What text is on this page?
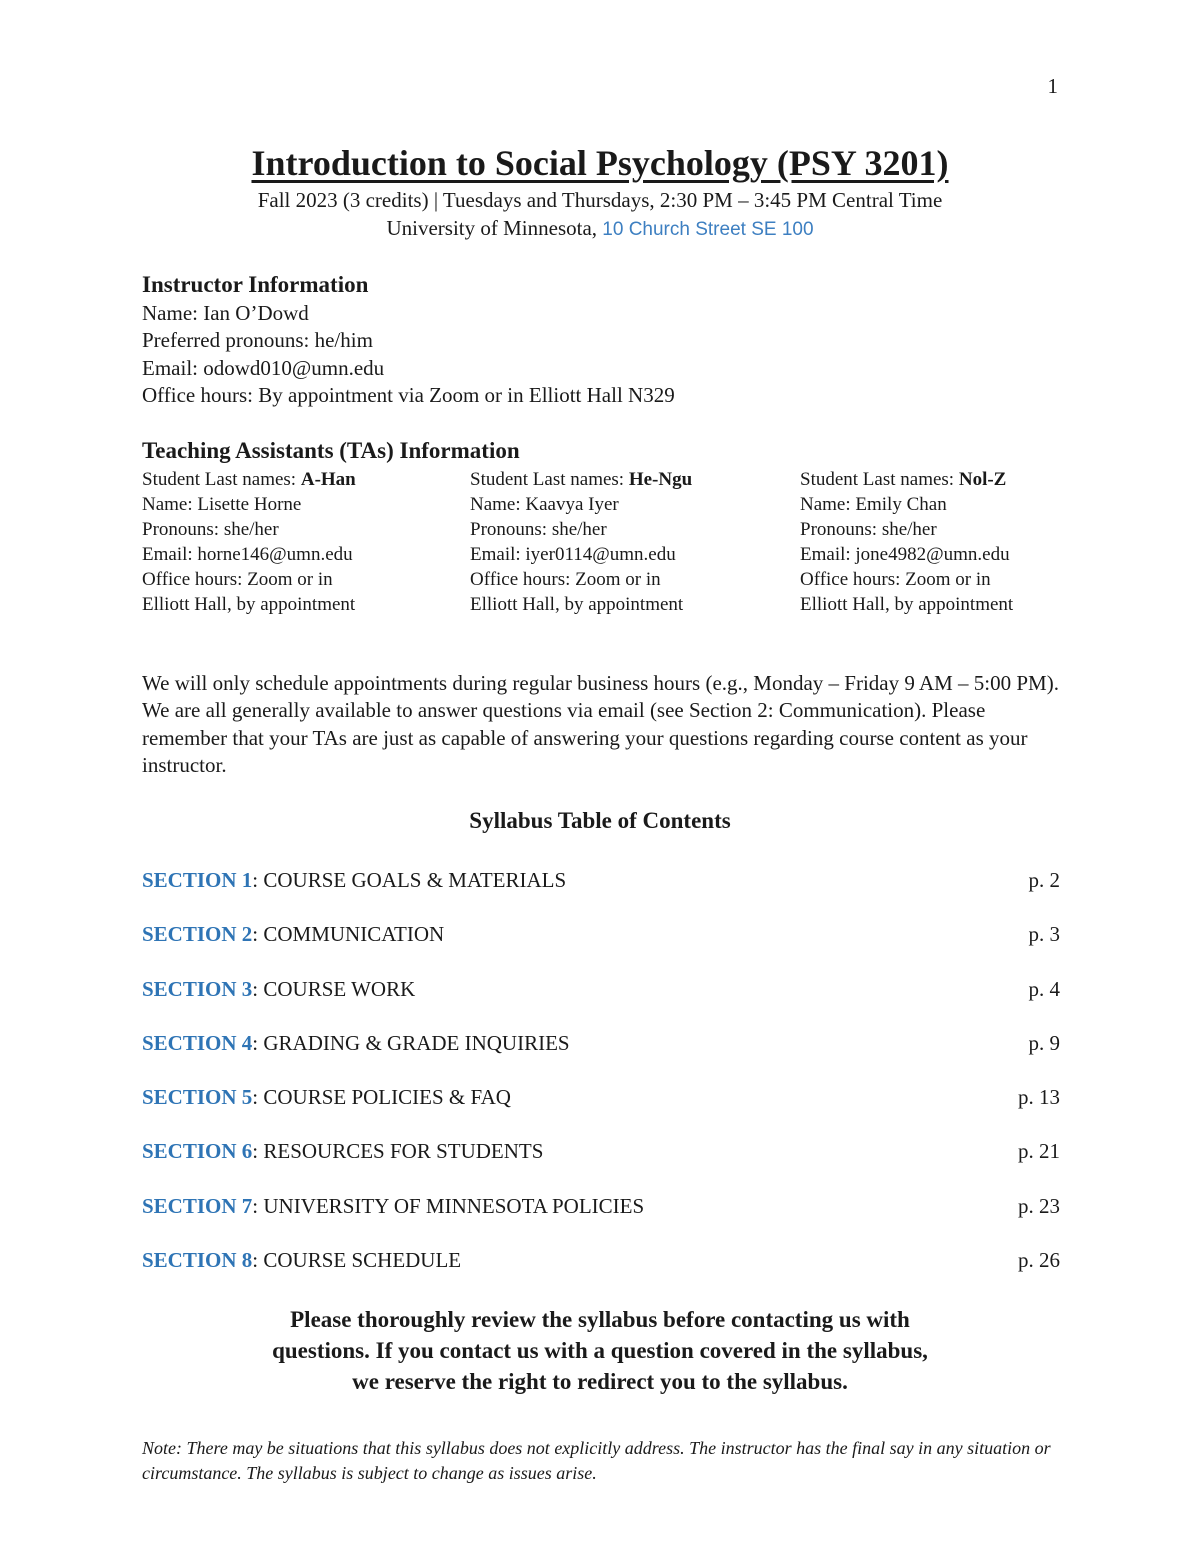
1
Introduction to Social Psychology (PSY 3201)
Fall 2023 (3 credits) | Tuesdays and Thursdays, 2:30 PM – 3:45 PM Central Time
University of Minnesota, 10 Church Street SE 100
Instructor Information
Name: Ian O’Dowd
Preferred pronouns: he/him
Email: odowd010@umn.edu
Office hours: By appointment via Zoom or in Elliott Hall N329
Teaching Assistants (TAs) Information
Student Last names: A-Han
Name: Lisette Horne
Pronouns: she/her
Email: horne146@umn.edu
Office hours: Zoom or in
Elliott Hall, by appointment
Student Last names: He-Ngu
Name: Kaavya Iyer
Pronouns: she/her
Email: iyer0114@umn.edu
Office hours: Zoom or in
Elliott Hall, by appointment
Student Last names: Nol-Z
Name: Emily Chan
Pronouns: she/her
Email: jone4982@umn.edu
Office hours: Zoom or in
Elliott Hall, by appointment
We will only schedule appointments during regular business hours (e.g., Monday – Friday 9 AM – 5:00 PM). We are all generally available to answer questions via email (see Section 2: Communication). Please remember that your TAs are just as capable of answering your questions regarding course content as your instructor.
Syllabus Table of Contents
SECTION 1: COURSE GOALS & MATERIALS	p. 2
SECTION 2: COMMUNICATION	p. 3
SECTION 3: COURSE WORK	p. 4
SECTION 4: GRADING & GRADE INQUIRIES	p. 9
SECTION 5: COURSE POLICIES & FAQ	p. 13
SECTION 6: RESOURCES FOR STUDENTS	p. 21
SECTION 7: UNIVERSITY OF MINNESOTA POLICIES	p. 23
SECTION 8: COURSE SCHEDULE	p. 26
Please thoroughly review the syllabus before contacting us with
questions. If you contact us with a question covered in the syllabus,
we reserve the right to redirect you to the syllabus.
Note: There may be situations that this syllabus does not explicitly address. The instructor has the final say in any situation or circumstance. The syllabus is subject to change as issues arise.
